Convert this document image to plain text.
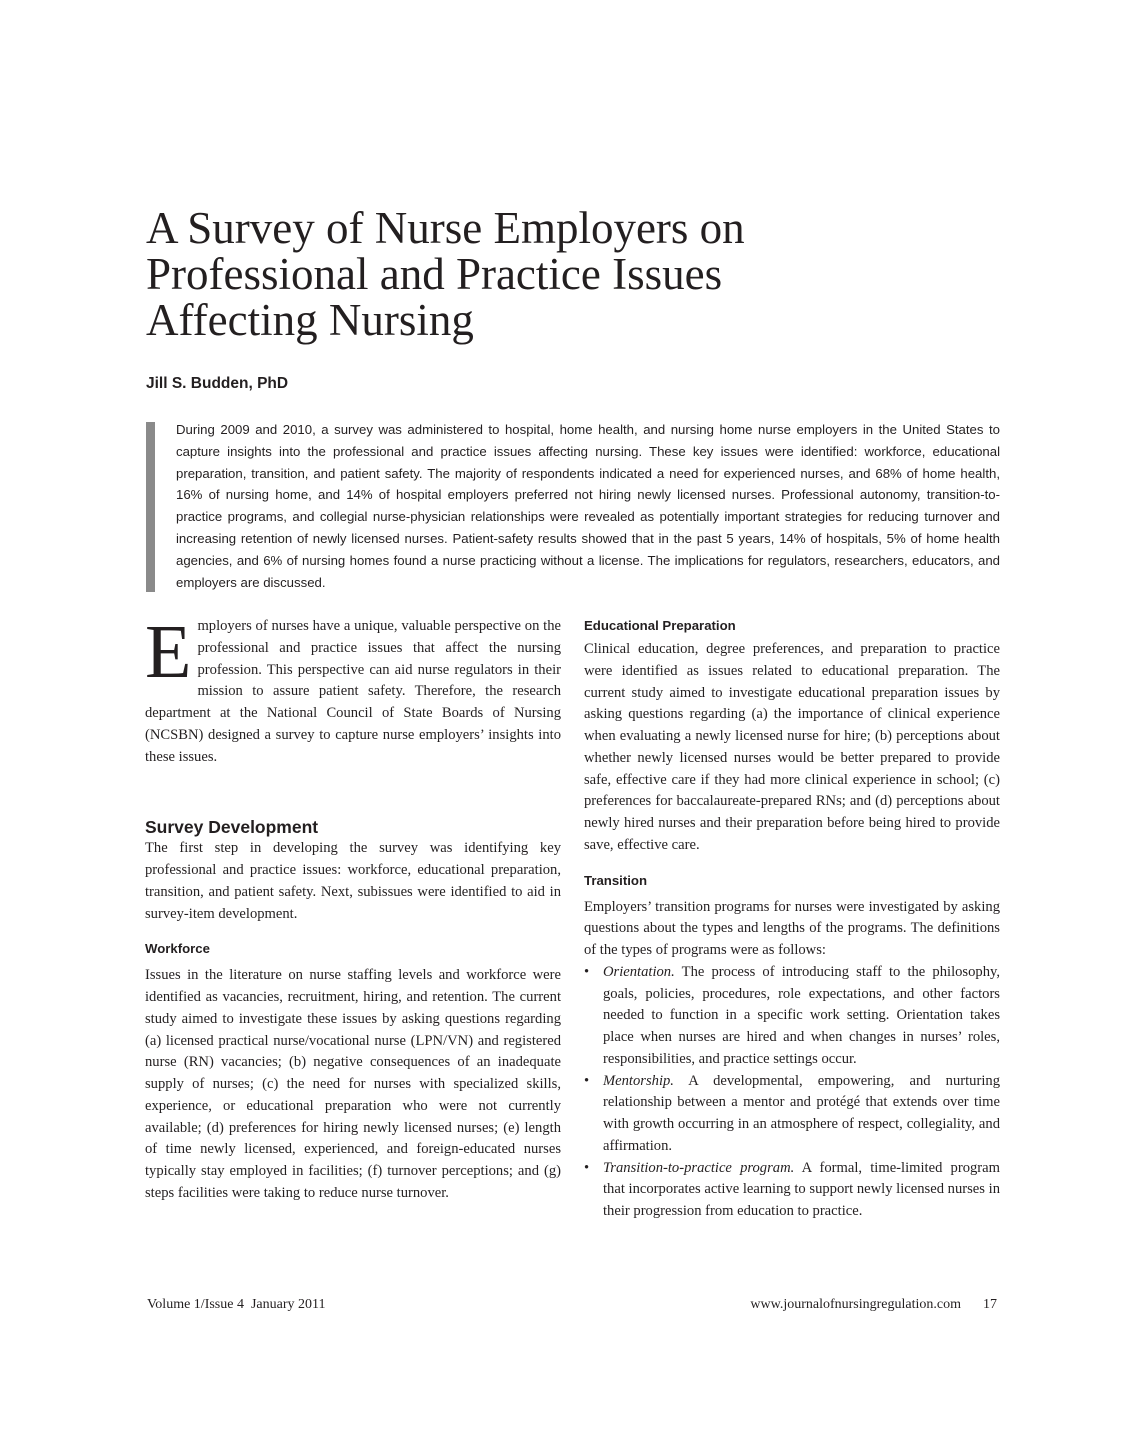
A Survey of Nurse Employers on
Professional and Practice Issues
Affecting Nursing
Jill S. Budden, PhD

During 2009 and 2010, a survey was administered to hospital, home health, and nursing home nurse employers in the United States to capture insights into the professional and practice issues affecting nursing. These key issues were identified: workforce, educational preparation, transition, and patient safety. The majority of respondents indicated a need for experienced nurses, and 68% of home health, 16% of nursing home, and 14% of hospital employers preferred not hiring newly licensed nurses. Professional autonomy, transition-to-practice programs, and collegial nurse-physician relationships were revealed as potentially important strategies for reducing turnover and increasing retention of newly licensed nurses. Patient-safety results showed that in the past 5 years, 14% of hospitals, 5% of home health agencies, and 6% of nursing homes found a nurse practicing without a license. The implications for regulators, researchers, educators, and employers are discussed.

Employers of nurses have a unique, valuable perspective on the professional and practice issues that affect the nursing profession. This perspective can aid nurse regulators in their mission to assure patient safety. Therefore, the research department at the National Council of State Boards of Nursing (NCSBN) designed a survey to capture nurse employers’ insights into these issues.

Survey Development

The first step in developing the survey was identifying key professional and practice issues: workforce, educational preparation, transition, and patient safety. Next, subissues were identified to aid in survey-item development.

Workforce

Issues in the literature on nurse staffing levels and workforce were identified as vacancies, recruitment, hiring, and retention. The current study aimed to investigate these issues by asking questions regarding (a) licensed practical nurse/vocational nurse (LPN/VN) and registered nurse (RN) vacancies; (b) negative consequences of an inadequate supply of nurses; (c) the need for nurses with specialized skills, experience, or educational preparation who were not currently available; (d) preferences for hiring newly licensed nurses; (e) length of time newly licensed, experienced, and foreign-educated nurses typically stay employed in facilities; (f) turnover perceptions; and (g) steps facilities were taking to reduce nurse turnover.

Educational Preparation

Clinical education, degree preferences, and preparation to practice were identified as issues related to educational preparation. The current study aimed to investigate educational preparation issues by asking questions regarding (a) the importance of clinical experience when evaluating a newly licensed nurse for hire; (b) perceptions about whether newly licensed nurses would be better prepared to provide safe, effective care if they had more clinical experience in school; (c) preferences for baccalaureate-prepared RNs; and (d) perceptions about newly hired nurses and their preparation before being hired to provide save, effective care.

Transition

Employers’ transition programs for nurses were investigated by asking questions about the types and lengths of the programs. The definitions of the types of programs were as follows:

• Orientation. The process of introducing staff to the philosophy, goals, policies, procedures, role expectations, and other factors needed to function in a specific work setting. Orientation takes place when nurses are hired and when changes in nurses’ roles, responsibilities, and practice settings occur.
• Mentorship. A developmental, empowering, and nurturing relationship between a mentor and protégé that extends over time with growth occurring in an atmosphere of respect, collegiality, and affirmation.
• Transition-to-practice program. A formal, time-limited program that incorporates active learning to support newly licensed nurses in their progression from education to practice.
Volume 1/Issue 4  January 2011	www.journalofnursingregulation.com 17
